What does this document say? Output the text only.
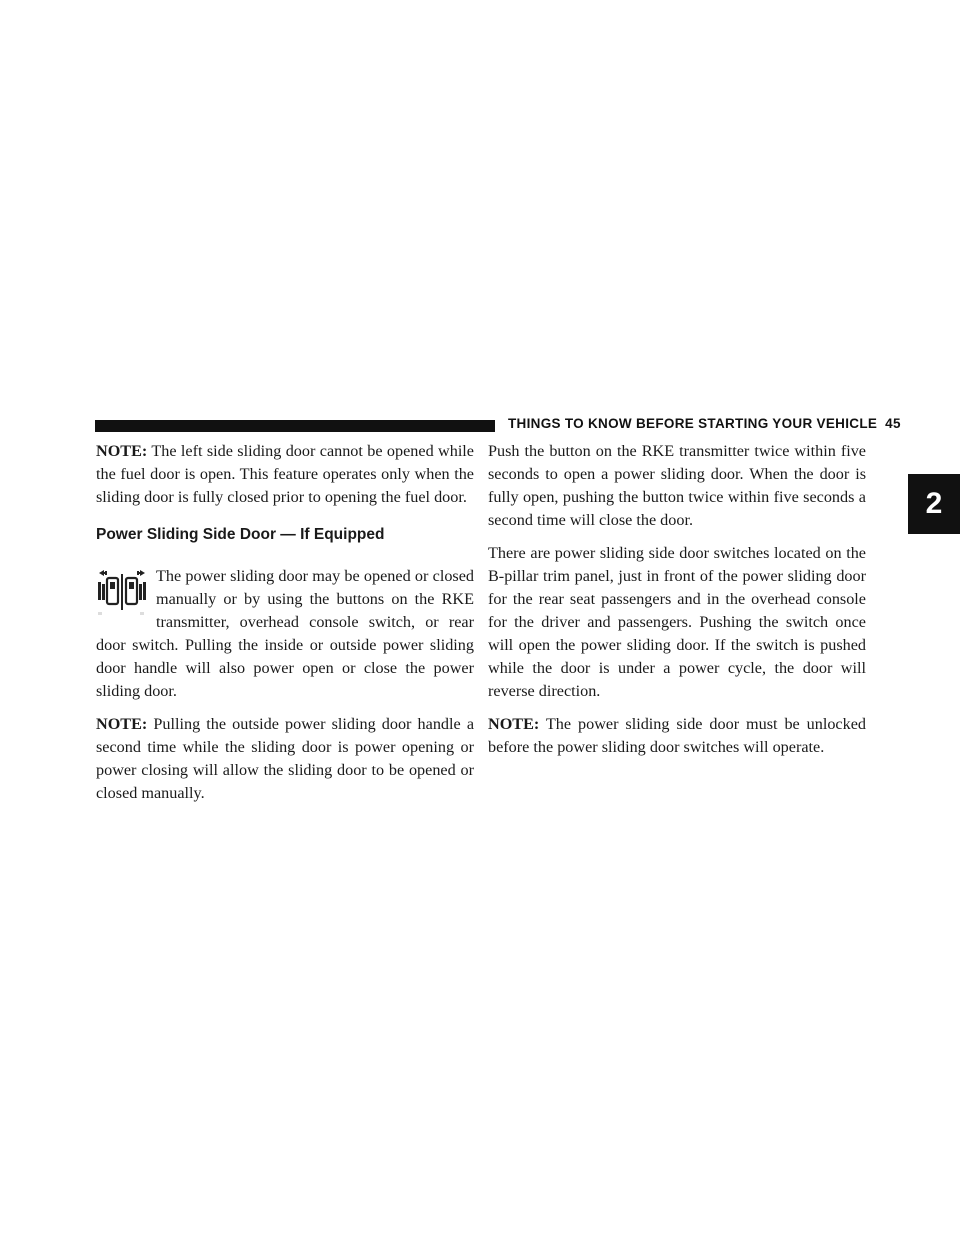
THINGS TO KNOW BEFORE STARTING YOUR VEHICLE 45
2

NOTE: The left side sliding door cannot be opened while the fuel door is open. This feature operates only when the sliding door is fully closed prior to opening the fuel door.

Power Sliding Side Door — If Equipped

The power sliding door may be opened or closed manually or by using the buttons on the RKE transmitter, overhead console switch, or rear door switch. Pulling the inside or outside power sliding door handle will also power open or close the power sliding door.

NOTE: Pulling the outside power sliding door handle a second time while the sliding door is power opening or power closing will allow the sliding door to be opened or closed manually.

Push the button on the RKE transmitter twice within five seconds to open a power sliding door. When the door is fully open, pushing the button twice within five seconds a second time will close the door.

There are power sliding side door switches located on the B-pillar trim panel, just in front of the power sliding door for the rear seat passengers and in the overhead console for the driver and passengers. Pushing the switch once will open the power sliding door. If the switch is pushed while the door is under a power cycle, the door will reverse direction.

NOTE: The power sliding side door must be unlocked before the power sliding door switches will operate.
